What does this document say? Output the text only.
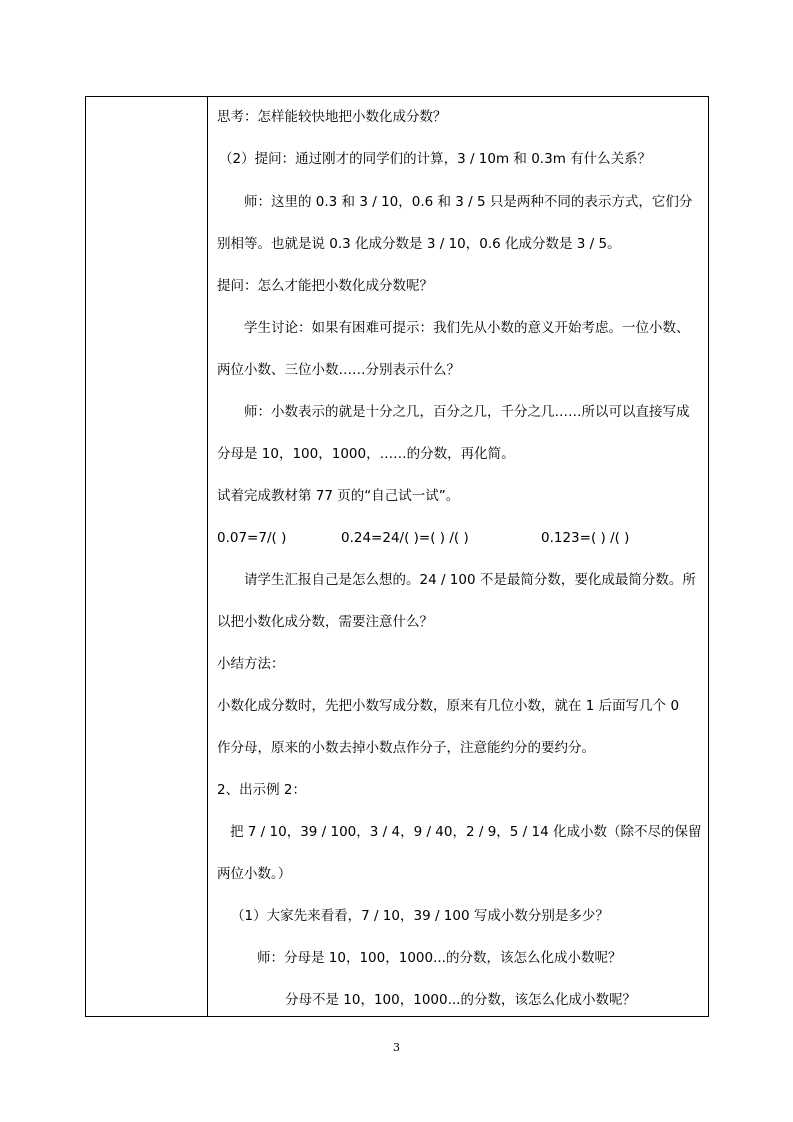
思考：怎样能较快地把小数化成分数？
（2）提问：通过刚才的同学们的计算，3 / 10m 和 0.3m 有什么关系？
师：这里的 0.3 和 3 / 10，0.6 和 3 / 5 只是两种不同的表示方式，它们分
别相等。也就是说 0.3 化成分数是 3 / 10，0.6 化成分数是 3 / 5。
提问：怎么才能把小数化成分数呢？
学生讨论：如果有困难可提示：我们先从小数的意义开始考虑。一位小数、
两位小数、三位小数……分别表示什么？
师：小数表示的就是十分之几，百分之几，千分之几……所以可以直接写成
分母是 10，100，1000，……的分数，再化简。
试着完成教材第 77 页的“自己试一试”。
0.07=7/( )	0.24=24/( )=( ) /( )	0.123=( ) /( )
请学生汇报自己是怎么想的。24 / 100 不是最简分数，要化成最简分数。所
以把小数化成分数，需要注意什么？
小结方法：
小数化成分数时，先把小数写成分数，原来有几位小数，就在 1 后面写几个 0
作分母，原来的小数去掉小数点作分子，注意能约分的要约分。
2、出示例 2：
把 7 / 10，39 / 100，3 / 4，9 / 40，2 / 9，5 / 14 化成小数（除不尽的保留
两位小数。）
（1）大家先来看看，7 / 10，39 / 100 写成小数分别是多少？
师：分母是 10，100，1000...的分数，该怎么化成小数呢？
分母不是 10，100，1000...的分数，该怎么化成小数呢？
3
